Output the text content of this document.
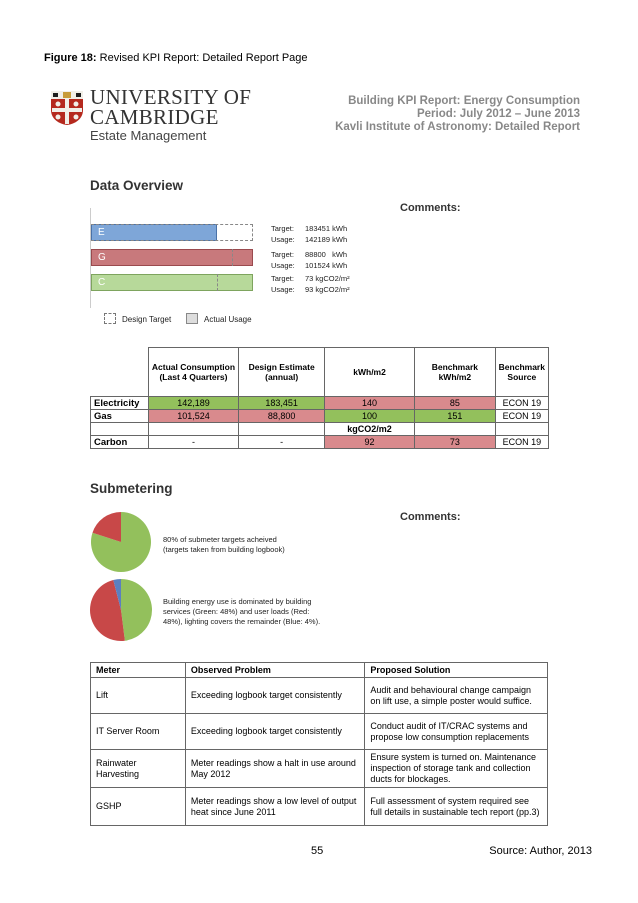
Figure 18: Revised KPI Report: Detailed Report Page
UNIVERSITY OF
CAMBRIDGE
Estate Management
Building KPI Report: Energy Consumption
Period: July 2012 – June 2013
Kavli Institute of Astronomy: Detailed Report
Data Overview
Comments:
E
G
C
Target: 183451 kWh
Usage: 142189 kWh
Target: 88800   kWh
Usage: 101524 kWh
Target: 73 kgCO2/m²
Usage: 93 kgCO2/m²
Design Target	Actual Usage
	Actual Consumption (Last 4 Quarters)	Design Estimate (annual)	kWh/m2	Benchmark kWh/m2	Benchmark Source
Electricity	142,189	183,451	140	85	ECON 19
Gas	101,524	88,800	100	151	ECON 19
			kgCO2/m2		
Carbon	-	-	92	73	ECON 19
Submetering
Comments:
80% of submeter targets acheived
(targets taken from building logbook)
Building energy use is dominated by building
services (Green: 48%) and user loads (Red:
48%), lighting covers the remainder (Blue: 4%).
Meter	Observed Problem	Proposed Solution
Lift	Exceeding logbook target consistently	Audit and behavioural change campaign on lift use, a simple poster would suffice.
IT Server Room	Exceeding logbook target consistently	Conduct audit of IT/CRAC systems and propose low consumption replacements
Rainwater Harvesting	Meter readings show a halt in use around May 2012	Ensure system is turned on. Maintenance inspection of storage tank and collection ducts for blockages.
GSHP	Meter readings show a low level of output heat since June 2011	Full assessment of system required see full details in sustainable tech report (pp.3)
55	Source: Author, 2013
